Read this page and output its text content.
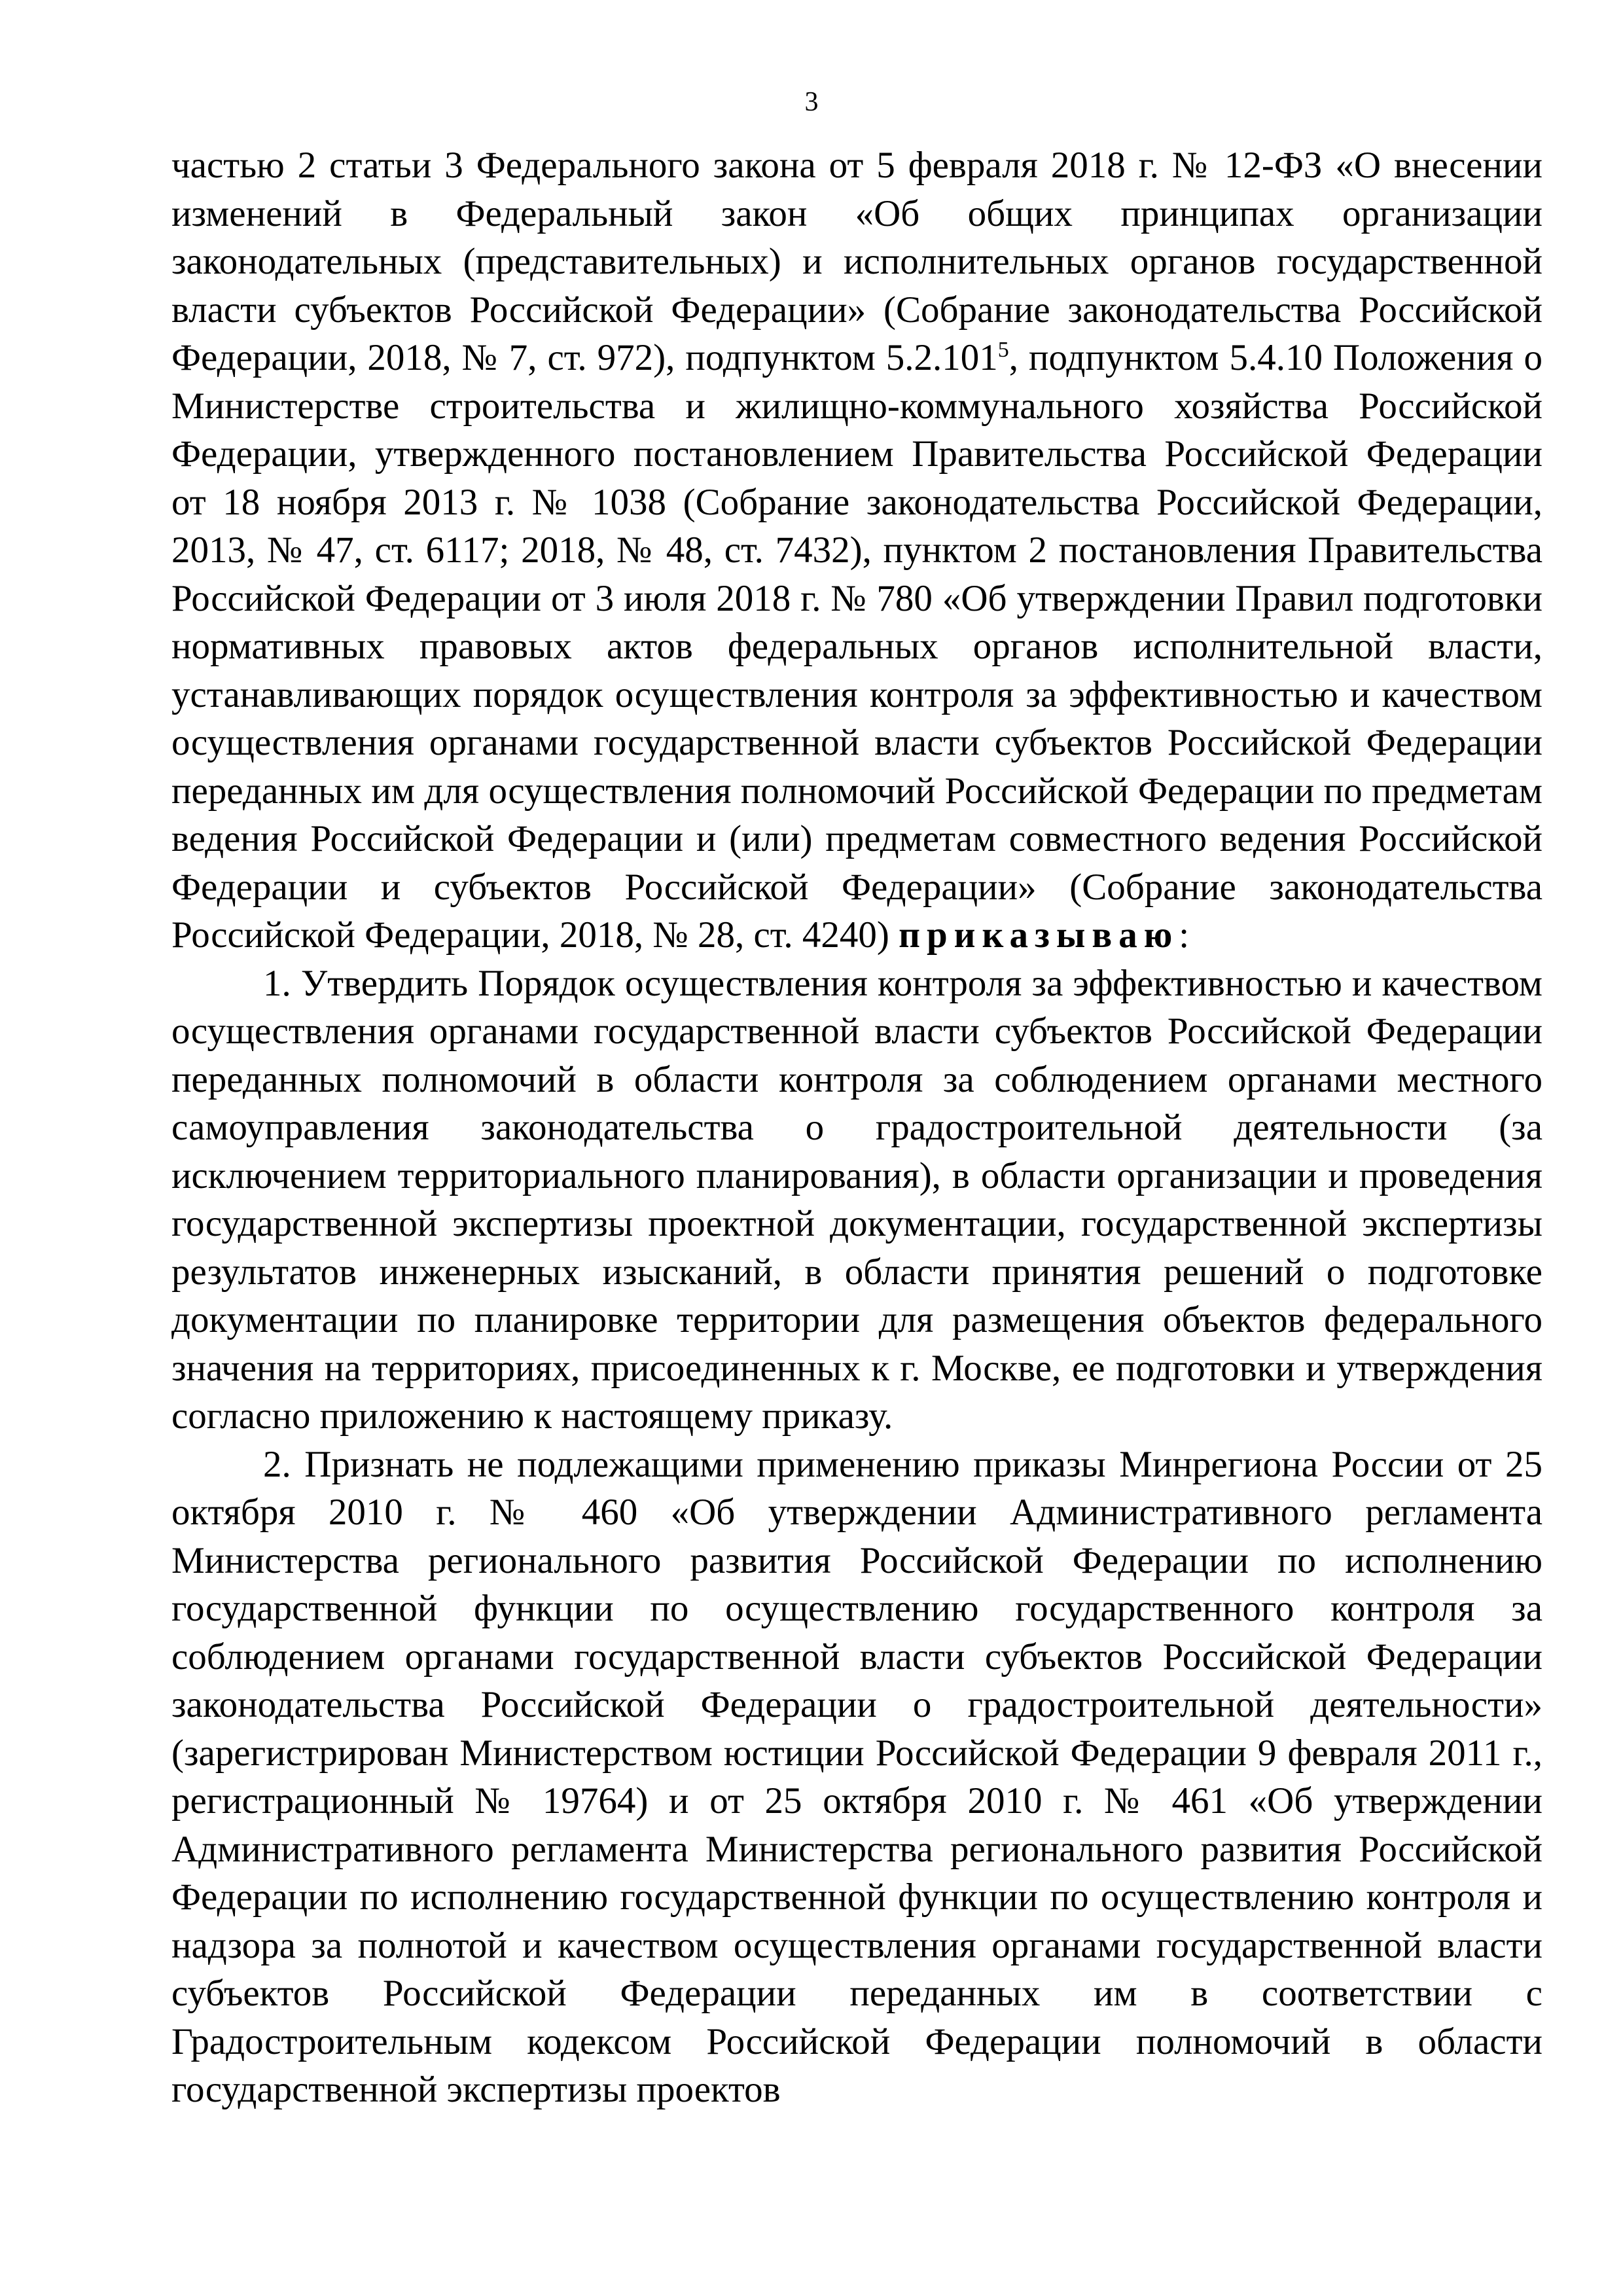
3

частью 2 статьи 3 Федерального закона от 5 февраля 2018 г. № 12-ФЗ «О внесении изменений в Федеральный закон «Об общих принципах организации законодательных (представительных) и исполнительных органов государственной власти субъектов Российской Федерации» (Собрание законодательства Российской Федерации, 2018, № 7, ст. 972), подпунктом 5.2.101$^5$, подпунктом 5.4.10 Положения о Министерстве строительства и жилищно-коммунального хозяйства Российской Федерации, утвержденного постановлением Правительства Российской Федерации от 18 ноября 2013 г. № 1038 (Собрание законодательства Российской Федерации, 2013, № 47, ст. 6117; 2018, № 48, ст. 7432), пунктом 2 постановления Правительства Российской Федерации от 3 июля 2018 г. № 780 «Об утверждении Правил подготовки нормативных правовых актов федеральных органов исполнительной власти, устанавливающих порядок осуществления контроля за эффективностью и качеством осуществления органами государственной власти субъектов Российской Федерации переданных им для осуществления полномочий Российской Федерации по предметам ведения Российской Федерации и (или) предметам совместного ведения Российской Федерации и субъектов Российской Федерации» (Собрание законодательства Российской Федерации, 2018, № 28, ст. 4240) приказываю:

1. Утвердить Порядок осуществления контроля за эффективностью и качеством осуществления органами государственной власти субъектов Российской Федерации переданных полномочий в области контроля за соблюдением органами местного самоуправления законодательства о градостроительной деятельности (за исключением территориального планирования), в области организации и проведения государственной экспертизы проектной документации, государственной экспертизы результатов инженерных изысканий, в области принятия решений о подготовке документации по планировке территории для размещения объектов федерального значения на территориях, присоединенных к г. Москве, ее подготовки и утверждения согласно приложению к настоящему приказу.

2. Признать не подлежащими применению приказы Минрегиона России от 25 октября 2010 г. № 460 «Об утверждении Административного регламента Министерства регионального развития Российской Федерации по исполнению государственной функции по осуществлению государственного контроля за соблюдением органами государственной власти субъектов Российской Федерации законодательства Российской Федерации о градостроительной деятельности» (зарегистрирован Министерством юстиции Российской Федерации 9 февраля 2011 г., регистрационный № 19764) и от 25 октября 2010 г. № 461 «Об утверждении Административного регламента Министерства регионального развития Российской Федерации по исполнению государственной функции по осуществлению контроля и надзора за полнотой и качеством осуществления органами государственной власти субъектов Российской Федерации переданных им в соответствии с Градостроительным кодексом Российской Федерации полномочий в области государственной экспертизы проектов
